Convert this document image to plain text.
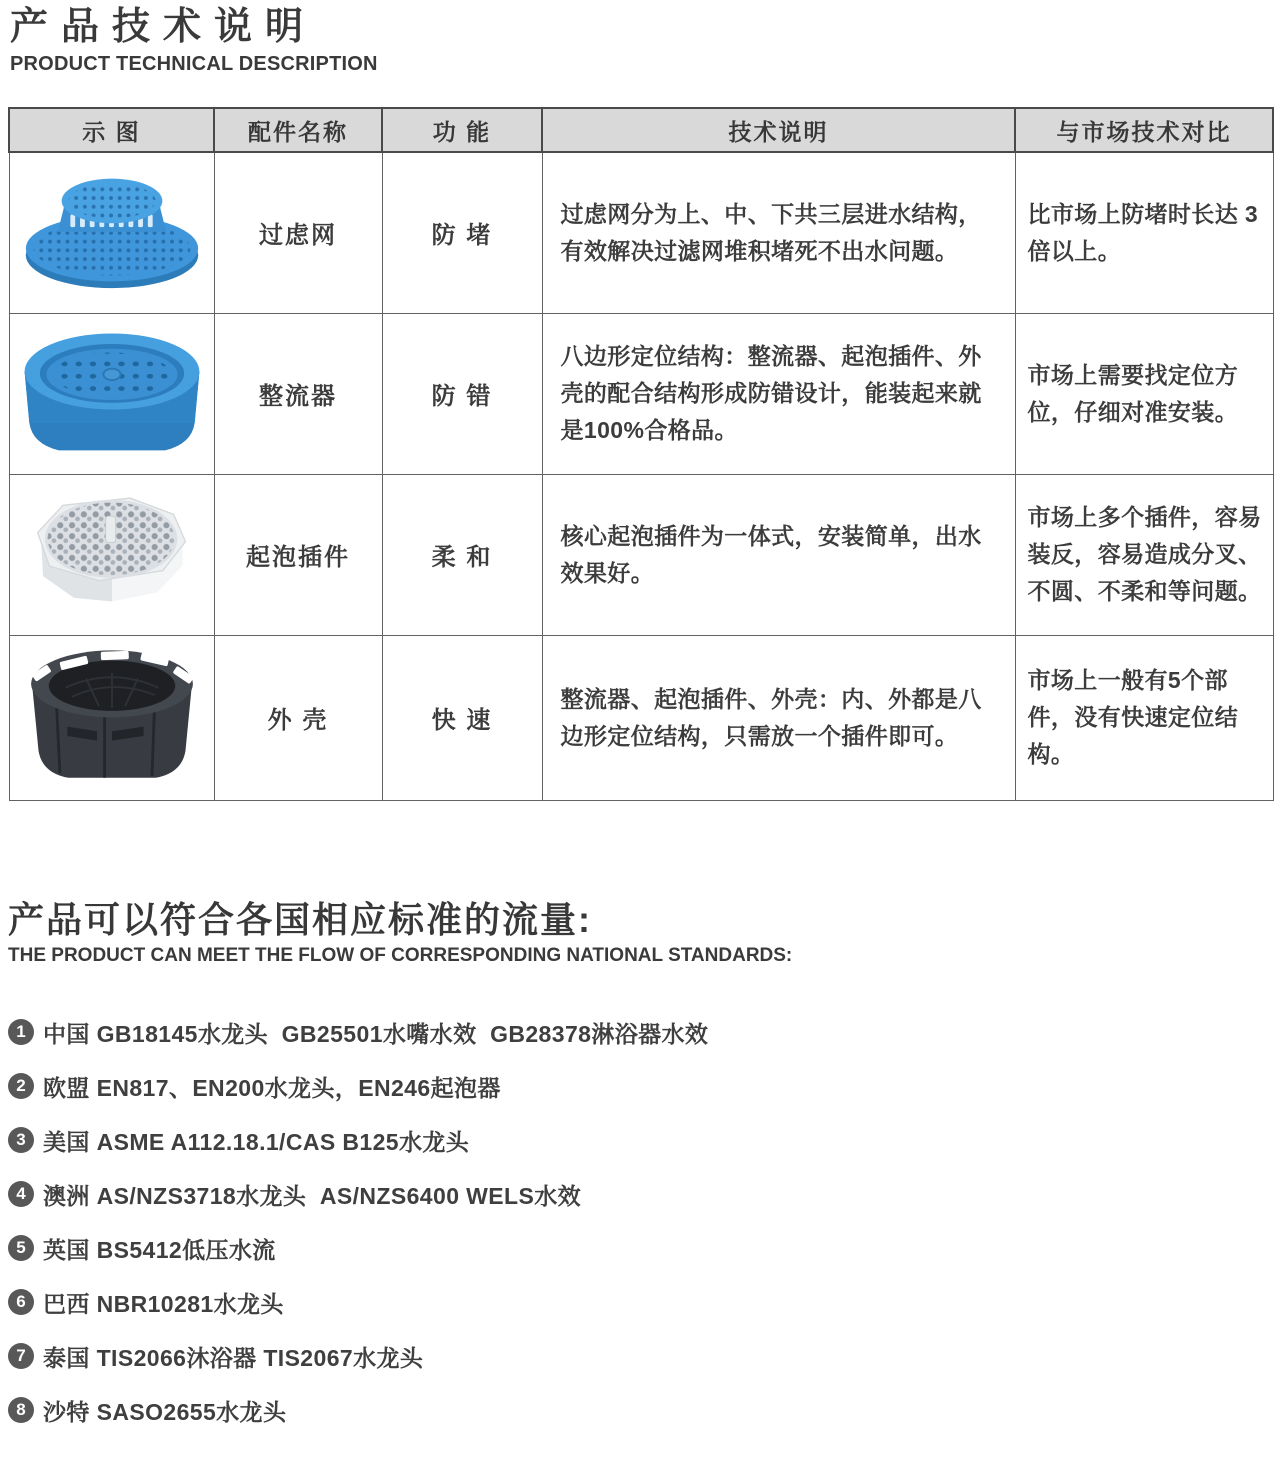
产品技术说明
PRODUCT TECHNICAL DESCRIPTION
示 图	配件名称	功 能	技术说明	与市场技术对比
	过虑网	防 堵	过虑网分为上、中、下共三层进水结构，有效解决过滤网堆积堵死不出水问题。	比市场上防堵时长达 3倍以上。
	整流器	防 错	八边形定位结构：整流器、起泡插件、外壳的配合结构形成防错设计，能装起来就是100%合格品。	市场上需要找定位方位，仔细对准安装。
	起泡插件	柔 和	核心起泡插件为一体式，安装简单，出水效果好。	市场上多个插件，容易装反，容易造成分叉、不圆、不柔和等问题。
	外 壳	快 速	整流器、起泡插件、外壳：内、外都是八边形定位结构，只需放一个插件即可。	市场上一般有5个部件，没有快速定位结构。
产品可以符合各国相应标准的流量:
THE PRODUCT CAN MEET THE FLOW OF CORRESPONDING NATIONAL STANDARDS:
1 中国 GB18145水龙头  GB25501水嘴水效  GB28378淋浴器水效
2 欧盟 EN817、EN200水龙头，EN246起泡器
3 美国 ASME A112.18.1/CAS B125水龙头
4 澳洲 AS/NZS3718水龙头  AS/NZS6400 WELS水效
5 英国 BS5412低压水流
6 巴西 NBR10281水龙头
7 泰国 TIS2066沐浴器 TIS2067水龙头
8 沙特 SASO2655水龙头
